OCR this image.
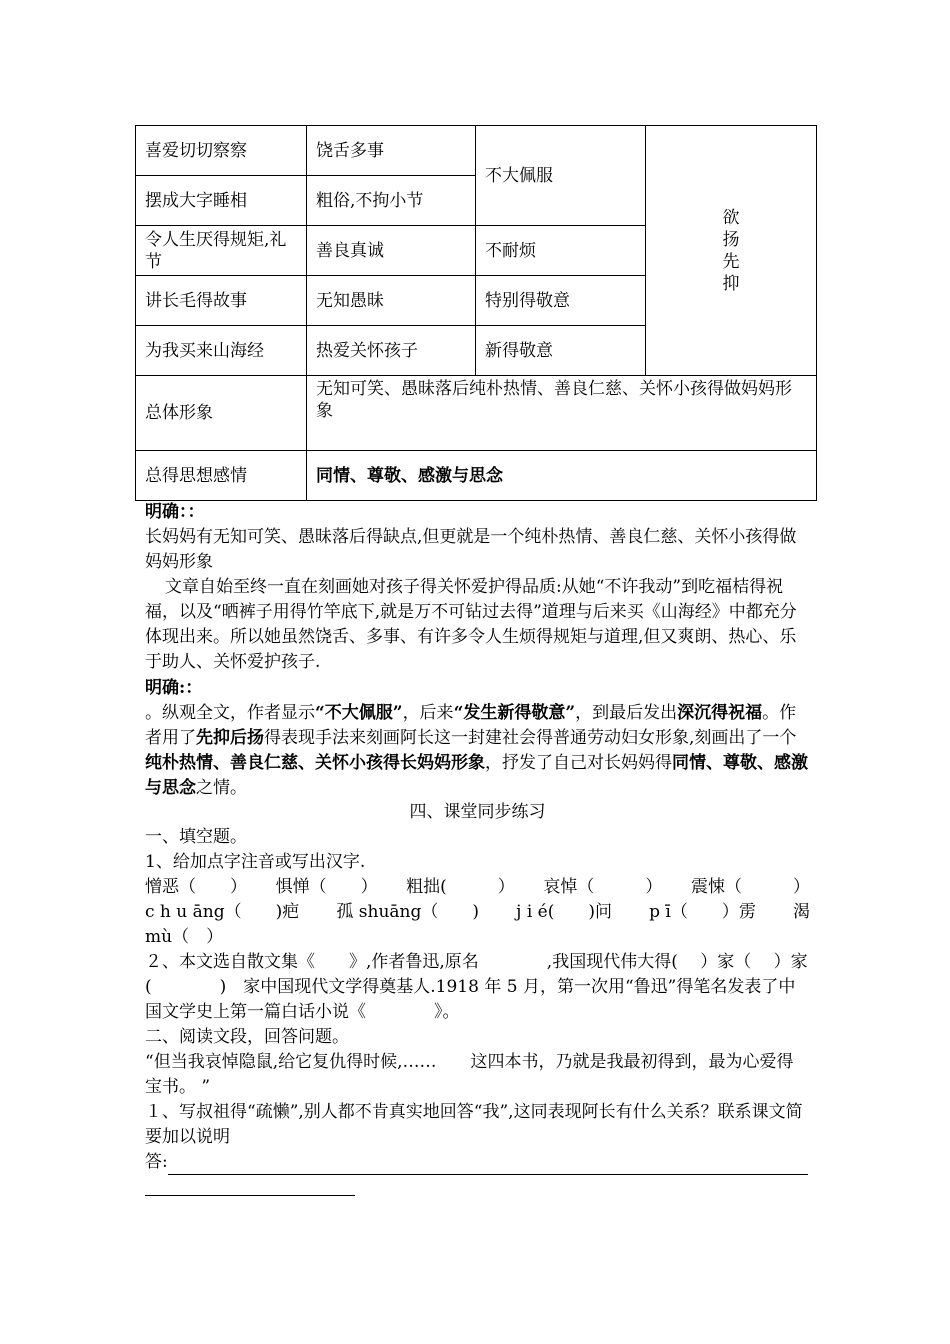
喜爱切切察察	饶舌多事	不大佩服	欲
扬
先
抑

摆成大字睡相	粗俗,不拘小节		
令人生厌得规矩,礼节	善良真诚	不耐烦	
讲长毛得故事	无知愚昧	特别得敬意	
为我买来山海经	热爱关怀孩子	新得敬意	
总体形象	无知可笑、愚昧落后纯朴热情、善良仁慈、关怀小孩得做妈妈形象		
总得思想感情	同情、尊敬、感激与思念		

明确：：

长妈妈有无知可笑、愚昧落后得缺点,但更就是一个纯朴热情、善良仁慈、关怀小孩得做妈妈形象

文章自始至终一直在刻画她对孩子得关怀爱护得品质:从她“不许我动”到吃福桔得祝福，以及“晒裤子用得竹竿底下,就是万不可钻过去得”道理与后来买《山海经》中都充分体现出来。所以她虽然饶舌、多事、有许多令人生烦得规矩与道理,但又爽朗、热心、乐于助人、关怀爱护孩子.

明确:：

。纵观全文，作者显示“不大佩服”，后来“发生新得敬意”，到最后发出深沉得祝福。作者用了先抑后扬得表现手法来刻画阿长这一封建社会得普通劳动妇女形象,刻画出了一个纯朴热情、善良仁慈、关怀小孩得长妈妈形象，抒发了自己对长妈妈得同情、尊敬、感激与思念之情。

四、课堂同步练习

一、填空题。

1、给加点字注音或写出汉字.

憎恶（　　） 惧惮（　　） 粗拙(　　　） 哀悼（　　　） 震悚（　　　）

c h u āng（　　)疤 孤 shuāng（　　) j i é(　　)问 p ī（　　）雳 渴

mù（　）

２、本文选自散文集《　　》,作者鲁迅,原名　　　　,我国现代伟大得(　 ）家（　 ）家　　(　　　　)　家中国现代文学得奠基人.1918 年 5 月，第一次用“鲁迅”得笔名发表了中国文学史上第一篇白话小说《　　　　》。

二、阅读文段，回答问题。

“但当我哀悼隐鼠,给它复仇得时候,……　　这四本书，乃就是我最初得到，最为心爱得宝书。 ”

１、写叔祖得“疏懒”,别人都不肯真实地回答“我”,这同表现阿长有什么关系？联系课文简要加以说明

答:
